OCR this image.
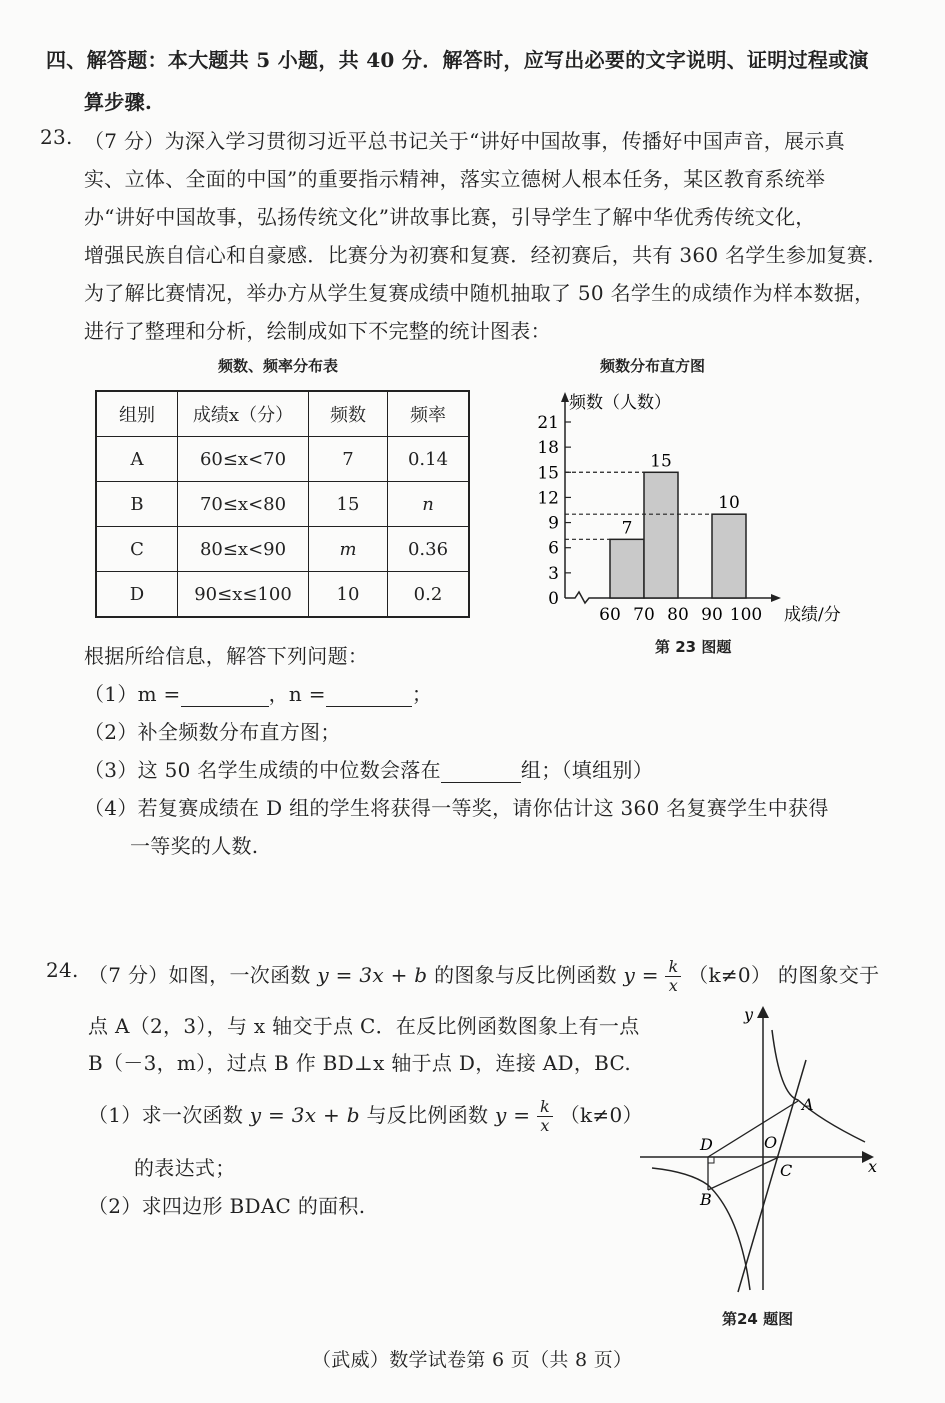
四、解答题：本大题共 5 小题，共 40 分．解答时，应写出必要的文字说明、证明过程或演
算步骤.
23. （7 分）为深入学习贯彻习近平总书记关于“讲好中国故事，传播好中国声音，展示真
实、立体、全面的中国”的重要指示精神，落实立德树人根本任务，某区教育系统举
办“讲好中国故事，弘扬传统文化”讲故事比赛，引导学生了解中华优秀传统文化，
增强民族自信心和自豪感．比赛分为初赛和复赛．经初赛后，共有 360 名学生参加复赛．
为了解比赛情况，举办方从学生复赛成绩中随机抽取了 50 名学生的成绩作为样本数据，
进行了整理和分析，绘制成如下不完整的统计图表：
频数、频率分布表	频数分布直方图
组别	成绩x（分）	频数	频率
A	60≤x<70	7	0.14
B	70≤x<80	15	n
C	80≤x<90	m	0.36
D	90≤x≤100	10	0.2	0
3
6
9
12
15
18
21
60 70 80 90 100
7
15
10
频数（人数）
成绩/分
第 23 图题
根据所给信息，解答下列问题：
（1）m =	，n =	；
（2）补全频数分布直方图；
（3）这 50 名学生成绩的中位数会落在	组；（填组别）
（4）若复赛成绩在 D 组的学生将获得一等奖，请你估计这 360 名复赛学生中获得
一等奖的人数.
24. （7 分）如图，一次函数 y = 3x + b 的图象与反比例函数 $y = \frac{k}{x} (k\ne 0)$ 的图象交于
点 A（2，3），与 x 轴交于点 C．在反比例函数图象上有一点
B（－3，m），过点 B 作 BD⊥x 轴于点 D，连接 AD，BC.
（1）求一次函数 y = 3x + b 与反比例函数 $y = \frac{k}{x} (k\ne 0)$
的表达式；
（2）求四边形 BDAC 的面积.
y
x
A
O
D
C
B
第24 题图
（武威）数学试卷第 6 页（共 8 页）
